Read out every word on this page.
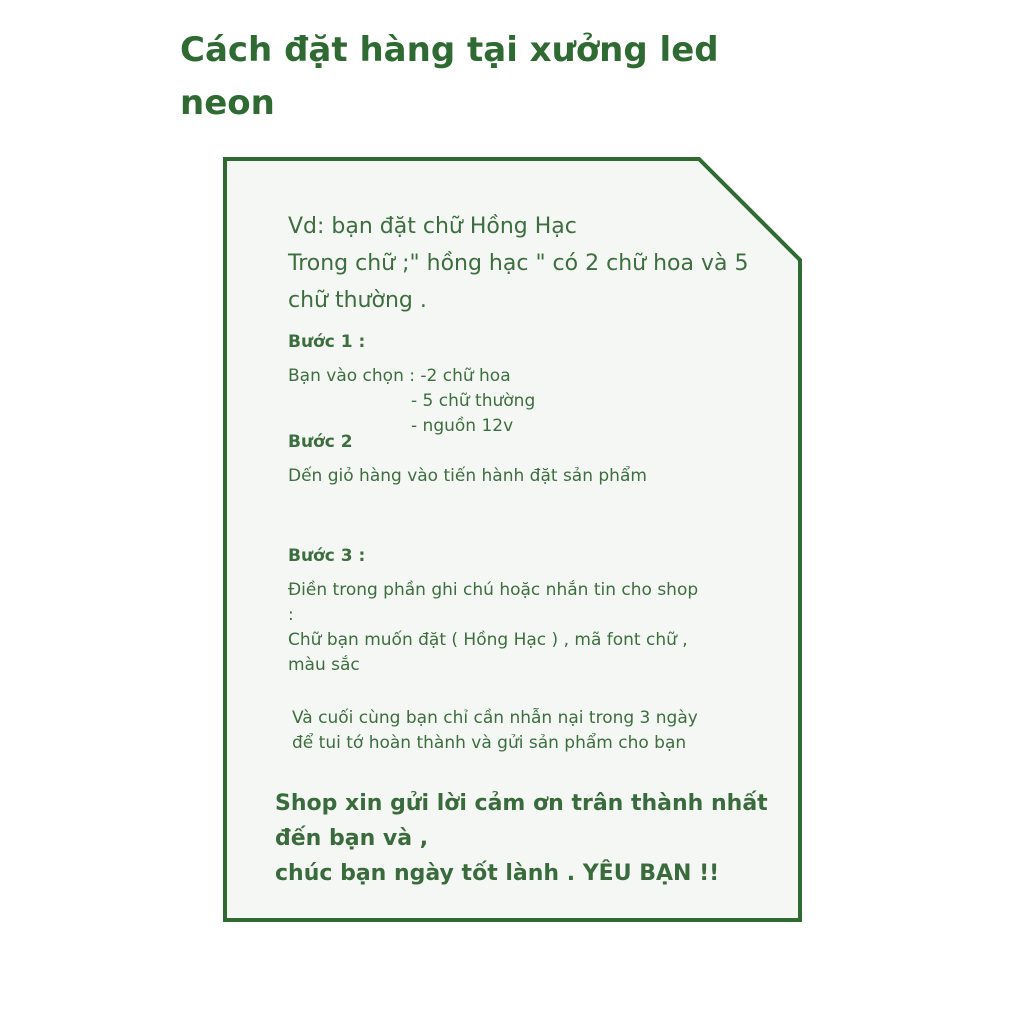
Cách đặt hàng tại xưởng led
neon
Vd: bạn đặt chữ Hồng Hạc
Trong chữ ;" hồng hạc " có 2 chữ hoa và 5
chữ thường .
Bước 1 :
Bạn vào chọn : -2 chữ hoa
- 5 chữ thường
- nguồn 12v
Bước 2
Dến giỏ hàng vào tiến hành đặt sản phẩm
Bước 3 :
Điền trong phần ghi chú hoặc nhắn tin cho shop
:
Chữ bạn muốn đặt ( Hồng Hạc ) , mã font chữ ,
màu sắc
Và cuối cùng bạn chỉ cần nhẫn nại trong 3 ngày
để tui tớ hoàn thành và gửi sản phẩm cho bạn
Shop xin gửi lời cảm ơn trân thành nhất
đến bạn và ,
chúc bạn ngày tốt lành . YÊU BẠN !!
